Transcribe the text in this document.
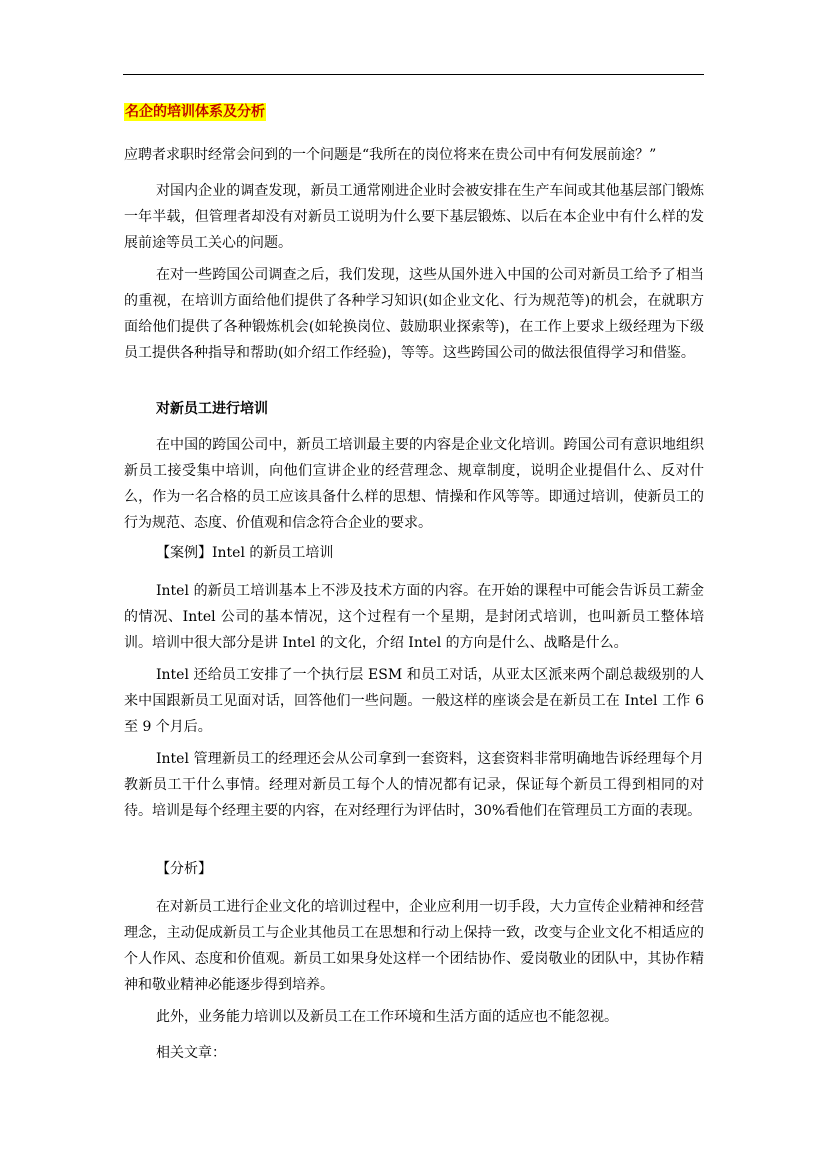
名企的培训体系及分析

应聘者求职时经常会问到的一个问题是“我所在的岗位将来在贵公司中有何发展前途？”

对国内企业的调查发现，新员工通常刚进企业时会被安排在生产车间或其他基层部门锻炼一年半载，但管理者却没有对新员工说明为什么要下基层锻炼、以后在本企业中有什么样的发展前途等员工关心的问题。

在对一些跨国公司调查之后，我们发现，这些从国外进入中国的公司对新员工给予了相当的重视，在培训方面给他们提供了各种学习知识(如企业文化、行为规范等)的机会，在就职方面给他们提供了各种锻炼机会(如轮换岗位、鼓励职业探索等)，在工作上要求上级经理为下级员工提供各种指导和帮助(如介绍工作经验)，等等。这些跨国公司的做法很值得学习和借鉴。

对新员工进行培训

在中国的跨国公司中，新员工培训最主要的内容是企业文化培训。跨国公司有意识地组织新员工接受集中培训，向他们宣讲企业的经营理念、规章制度，说明企业提倡什么、反对什么，作为一名合格的员工应该具备什么样的思想、情操和作风等等。即通过培训，使新员工的行为规范、态度、价值观和信念符合企业的要求。

【案例】Intel 的新员工培训

Intel 的新员工培训基本上不涉及技术方面的内容。在开始的课程中可能会告诉员工薪金的情况、Intel 公司的基本情况，这个过程有一个星期，是封闭式培训，也叫新员工整体培训。培训中很大部分是讲 Intel 的文化，介绍 Intel 的方向是什么、战略是什么。

Intel 还给员工安排了一个执行层 ESM 和员工对话，从亚太区派来两个副总裁级别的人来中国跟新员工见面对话，回答他们一些问题。一般这样的座谈会是在新员工在 Intel 工作 6 至 9 个月后。

Intel 管理新员工的经理还会从公司拿到一套资料，这套资料非常明确地告诉经理每个月教新员工干什么事情。经理对新员工每个人的情况都有记录，保证每个新员工得到相同的对待。培训是每个经理主要的内容，在对经理行为评估时，30%看他们在管理员工方面的表现。

【分析】

在对新员工进行企业文化的培训过程中，企业应利用一切手段，大力宣传企业精神和经营理念，主动促成新员工与企业其他员工在思想和行动上保持一致，改变与企业文化不相适应的个人作风、态度和价值观。新员工如果身处这样一个团结协作、爱岗敬业的团队中，其协作精神和敬业精神必能逐步得到培养。

此外，业务能力培训以及新员工在工作环境和生活方面的适应也不能忽视。

相关文章：
